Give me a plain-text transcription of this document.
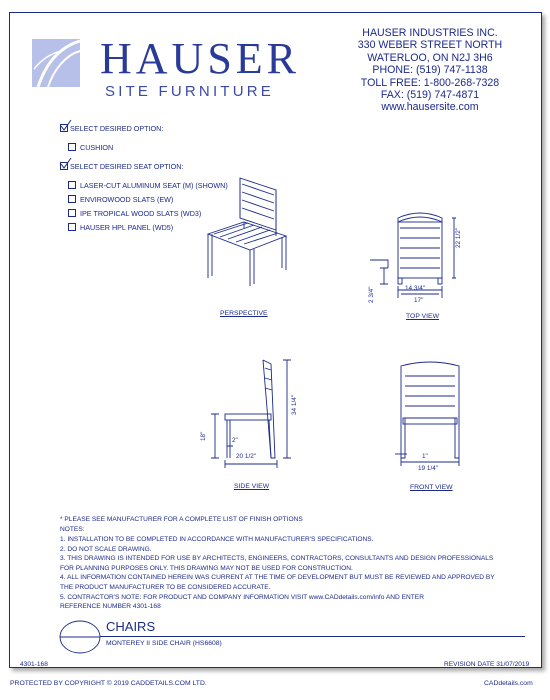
HAUSER
SITE FURNITURE
HAUSER INDUSTRIES INC.
330 WEBER STREET NORTH
WATERLOO, ON N2J 3H6
PHONE: (519) 747-1138
TOLL FREE: 1-800-268-7328
FAX: (519) 747-4871
www.hausersite.com
SELECT DESIRED OPTION:
CUSHION
SELECT DESIRED SEAT OPTION:
LASER-CUT ALUMINUM SEAT (M) (SHOWN)
ENVIROWOOD SLATS (EW)
IPE TROPICAL WOOD SLATS (WD3)
HAUSER HPL PANEL (WD5)
PERSPECTIVE
22 1/2"
14 3/4"
17"
2 3/4"
TOP VIEW
34 1/4"
18"	2"
20 1/2"
SIDE VIEW
1"
19 1/4"
FRONT VIEW
* PLEASE SEE MANUFACTURER FOR A COMPLETE LIST OF FINISH OPTIONS
NOTES:
1. INSTALLATION TO BE COMPLETED IN ACCORDANCE WITH MANUFACTURER'S SPECIFICATIONS.
2. DO NOT SCALE DRAWING.
3. THIS DRAWING IS INTENDED FOR USE BY ARCHITECTS, ENGINEERS, CONTRACTORS, CONSULTANTS AND DESIGN PROFESSIONALS
FOR PLANNING PURPOSES ONLY. THIS DRAWING MAY NOT BE USED FOR CONSTRUCTION.
4. ALL INFORMATION CONTAINED HEREIN WAS CURRENT AT THE TIME OF DEVELOPMENT BUT MUST BE REVIEWED AND APPROVED BY
THE PRODUCT MANUFACTURER TO BE CONSIDERED ACCURATE.
5. CONTRACTOR'S NOTE: FOR PRODUCT AND COMPANY INFORMATION VISIT www.CADdetails.com/info AND ENTER
REFERENCE NUMBER 4301-168
CHAIRS
MONTEREY II SIDE CHAIR (HS6608)
4301-168	REVISION DATE 31/07/2019
PROTECTED BY COPYRIGHT © 2019 CADDETAILS.COM LTD.	CADdetails.com
